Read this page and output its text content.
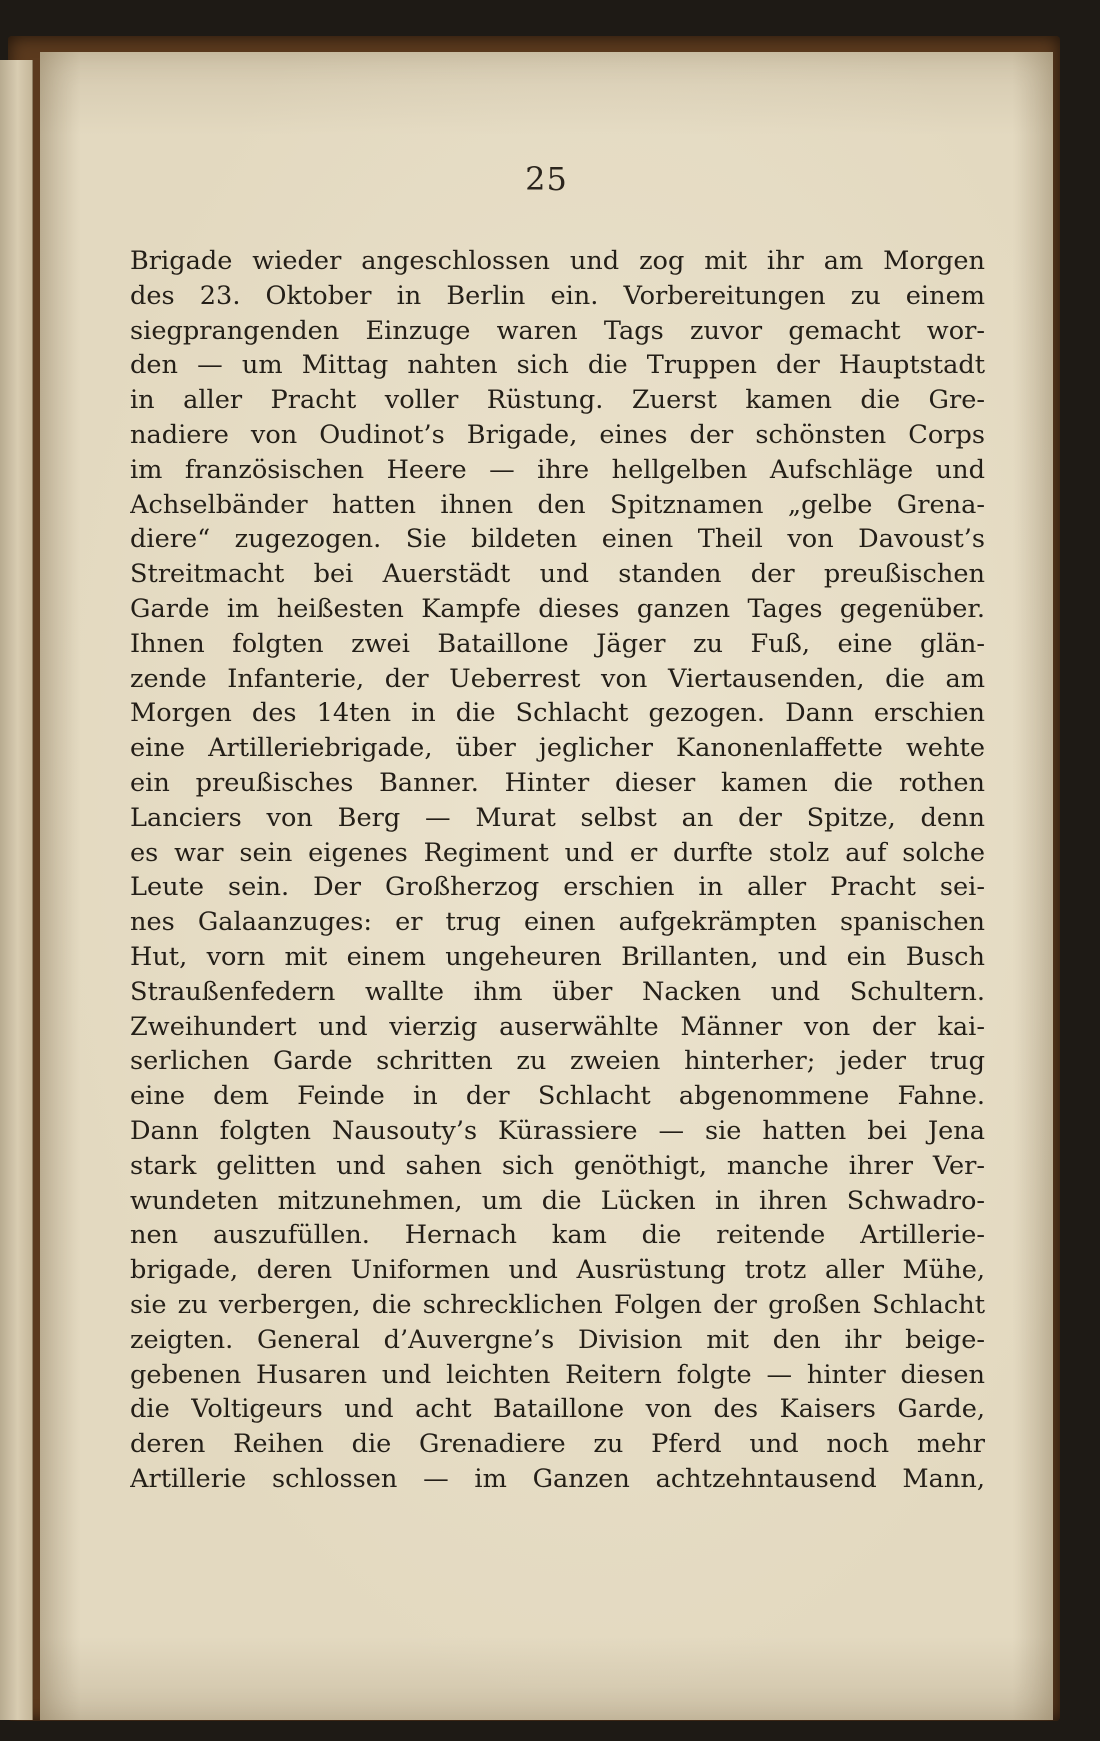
25
Brigade wieder angeschlossen und zog mit ihr am Morgen
des 23. Oktober in Berlin ein. Vorbereitungen zu einem
siegprangenden Einzuge waren Tags zuvor gemacht wor-
den — um Mittag nahten sich die Truppen der Hauptstadt
in aller Pracht voller Rüstung. Zuerst kamen die Gre-
nadiere von Oudinot’s Brigade, eines der schönsten Corps
im französischen Heere — ihre hellgelben Aufschläge und
Achselbänder hatten ihnen den Spitznamen „gelbe Grena-
diere“ zugezogen. Sie bildeten einen Theil von Davoust’s
Streitmacht bei Auerstädt und standen der preußischen
Garde im heißesten Kampfe dieses ganzen Tages gegenüber.
Ihnen folgten zwei Bataillone Jäger zu Fuß, eine glän-
zende Infanterie, der Ueberrest von Viertausenden, die am
Morgen des 14ten in die Schlacht gezogen. Dann erschien
eine Artilleriebrigade, über jeglicher Kanonenlaffette wehte
ein preußisches Banner. Hinter dieser kamen die rothen
Lanciers von Berg — Murat selbst an der Spitze, denn
es war sein eigenes Regiment und er durfte stolz auf solche
Leute sein. Der Großherzog erschien in aller Pracht sei-
nes Galaanzuges: er trug einen aufgekrämpten spanischen
Hut, vorn mit einem ungeheuren Brillanten, und ein Busch
Straußenfedern wallte ihm über Nacken und Schultern.
Zweihundert und vierzig auserwählte Männer von der kai-
serlichen Garde schritten zu zweien hinterher; jeder trug
eine dem Feinde in der Schlacht abgenommene Fahne.
Dann folgten Nausouty’s Kürassiere — sie hatten bei Jena
stark gelitten und sahen sich genöthigt, manche ihrer Ver-
wundeten mitzunehmen, um die Lücken in ihren Schwadro-
nen auszufüllen. Hernach kam die reitende Artillerie-
brigade, deren Uniformen und Ausrüstung trotz aller Mühe,
sie zu verbergen, die schrecklichen Folgen der großen Schlacht
zeigten. General d’Auvergne’s Division mit den ihr beige-
gebenen Husaren und leichten Reitern folgte — hinter diesen
die Voltigeurs und acht Bataillone von des Kaisers Garde,
deren Reihen die Grenadiere zu Pferd und noch mehr
Artillerie schlossen — im Ganzen achtzehntausend Mann,
